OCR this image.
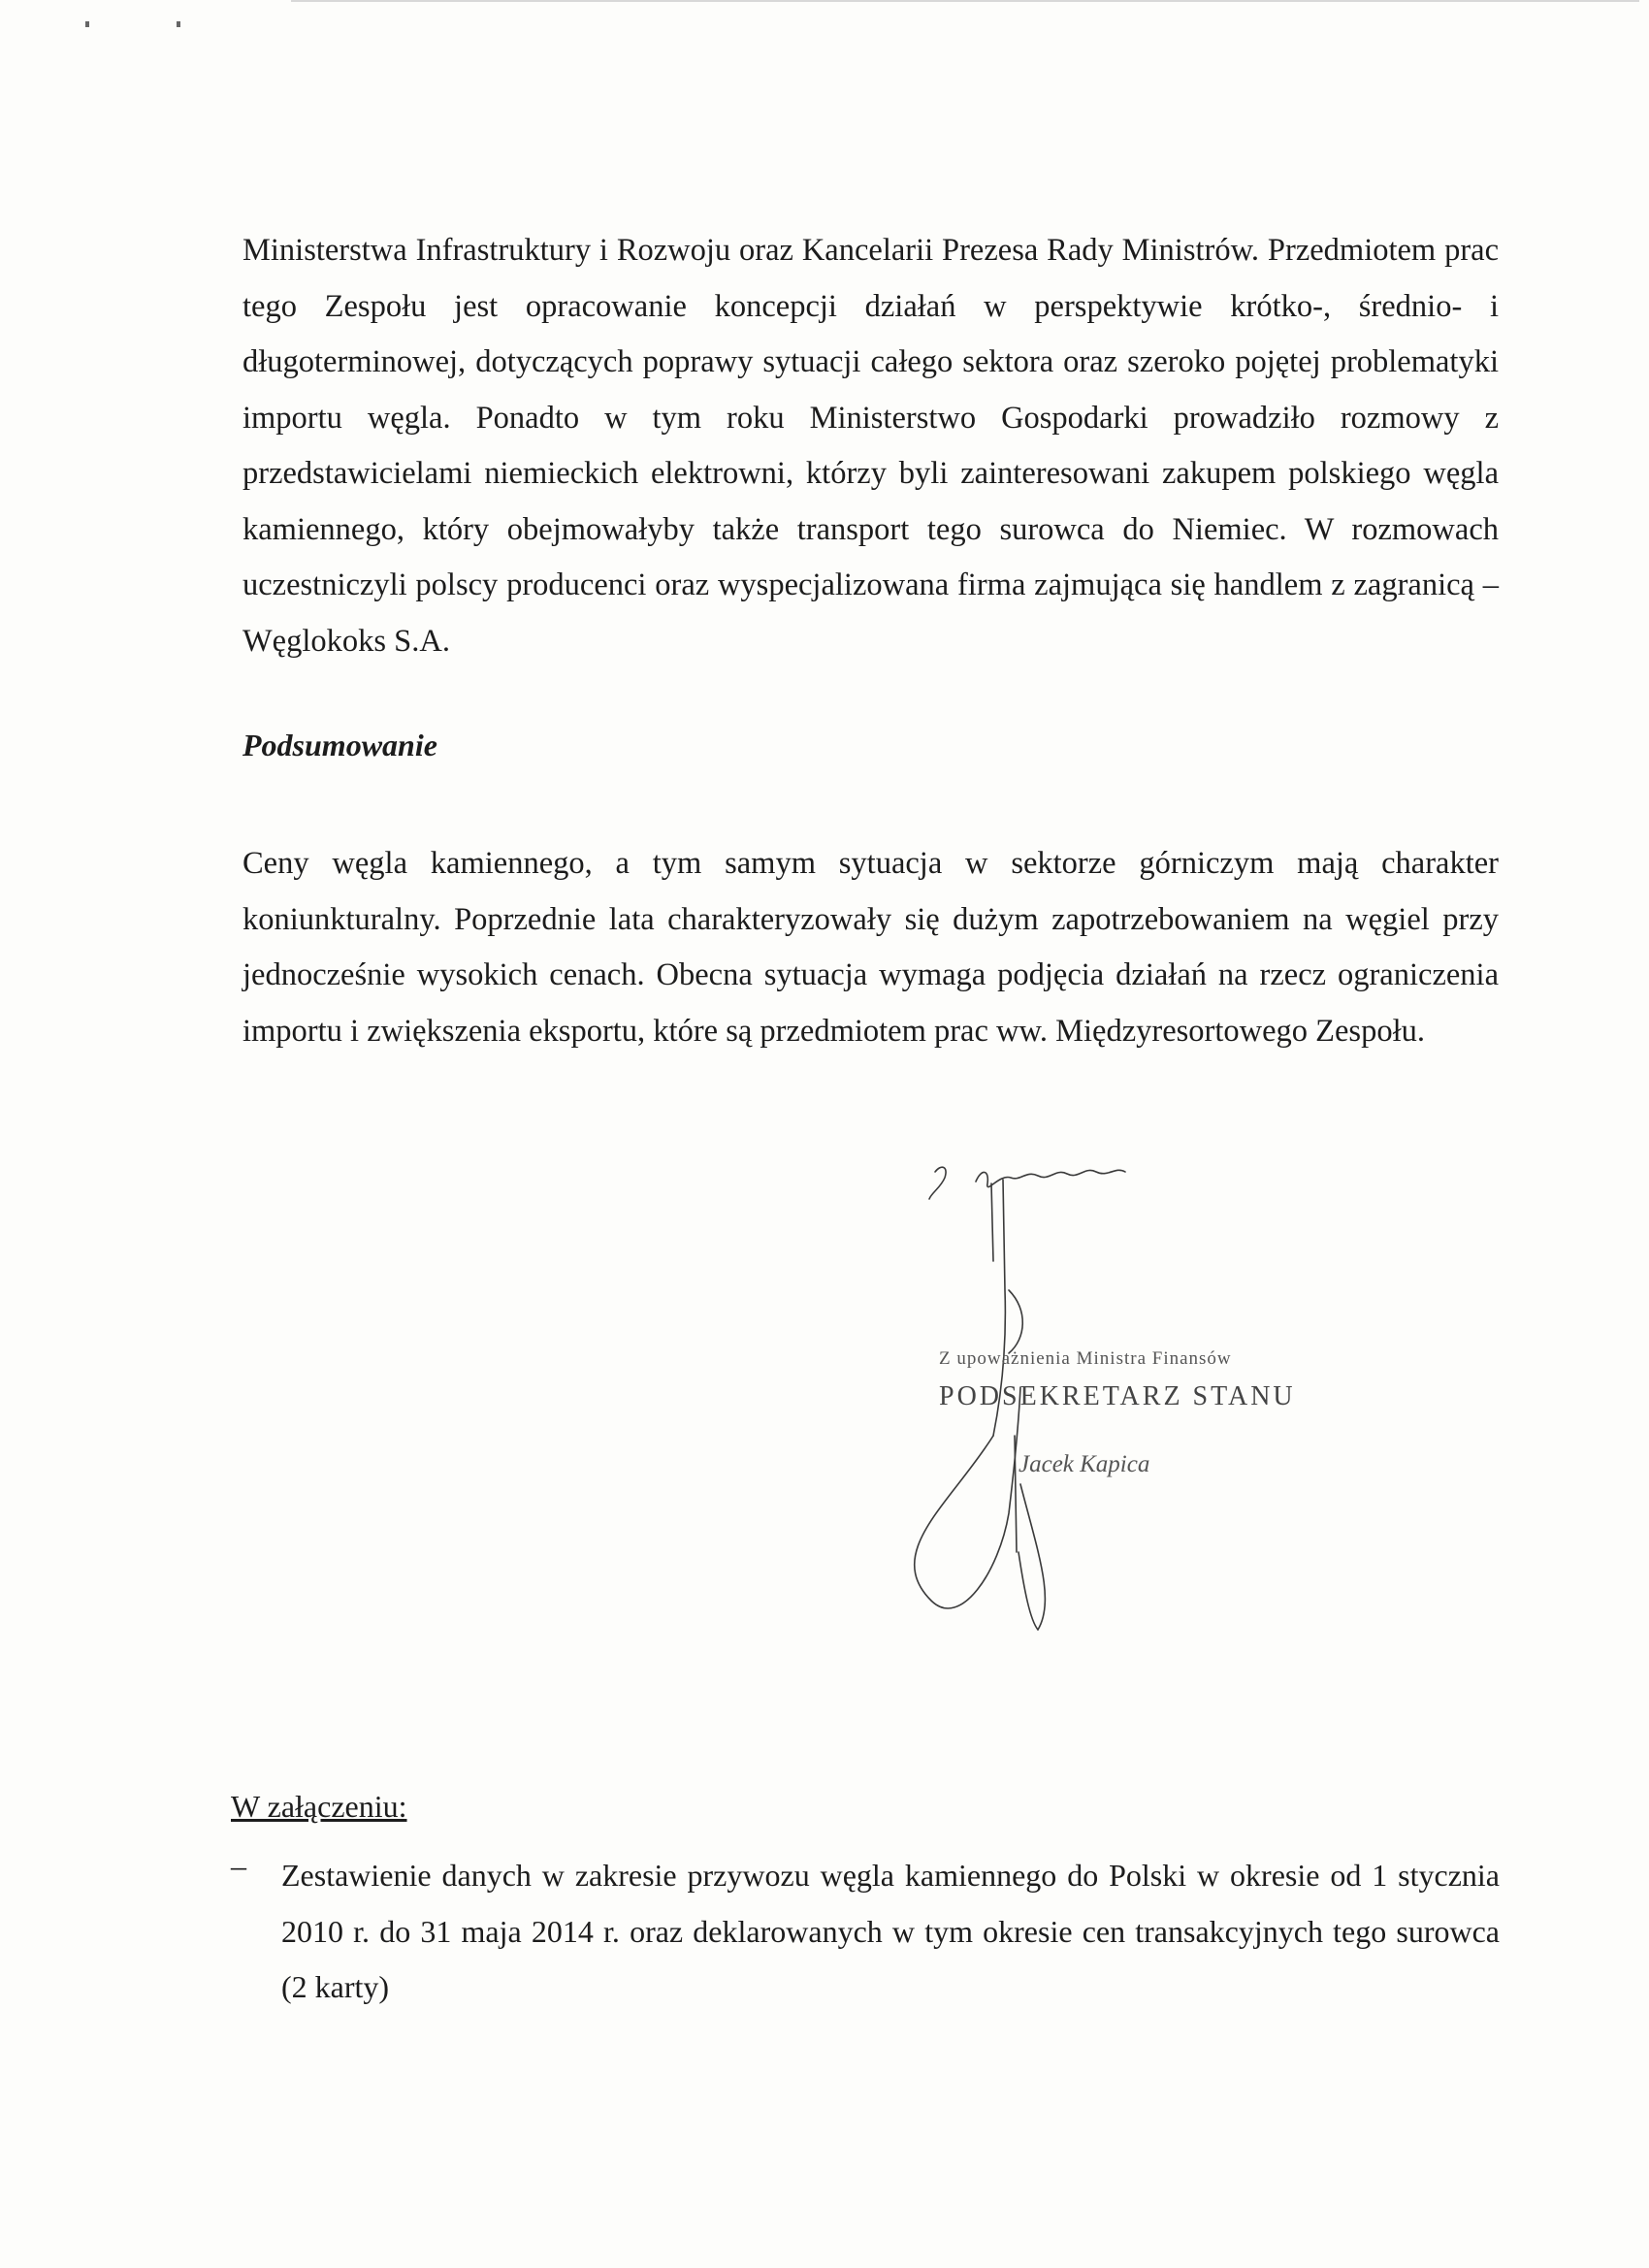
Ministerstwa Infrastruktury i Rozwoju oraz Kancelarii Prezesa Rady Ministrów. Przedmiotem prac tego Zespołu jest opracowanie koncepcji działań w perspektywie krótko-, średnio- i długoterminowej, dotyczących poprawy sytuacji całego sektora oraz szeroko pojętej problematyki importu węgla. Ponadto w tym roku Ministerstwo Gospodarki prowadziło rozmowy z przedstawicielami niemieckich elektrowni, którzy byli zainteresowani zakupem polskiego węgla kamiennego, który obejmowałyby także transport tego surowca do Niemiec. W rozmowach uczestniczyli polscy producenci oraz wyspecjalizowana firma zajmująca się handlem z zagranicą – Węglokoks S.A.

Podsumowanie

Ceny węgla kamiennego, a tym samym sytuacja w sektorze górniczym mają charakter koniunkturalny. Poprzednie lata charakteryzowały się dużym zapotrzebowaniem na węgiel przy jednocześnie wysokich cenach. Obecna sytuacja wymaga podjęcia działań na rzecz ograniczenia importu i zwiększenia eksportu, które są przedmiotem prac ww. Międzyresortowego Zespołu.

Z upoważnienia Ministra Finansów
PODSEKRETARZ STANU
Jacek Kapica
W załączeniu:
– Zestawienie danych w zakresie przywozu węgla kamiennego do Polski w okresie od 1 stycznia 2010 r. do 31 maja 2014 r. oraz deklarowanych w tym okresie cen transakcyjnych tego surowca (2 karty)
